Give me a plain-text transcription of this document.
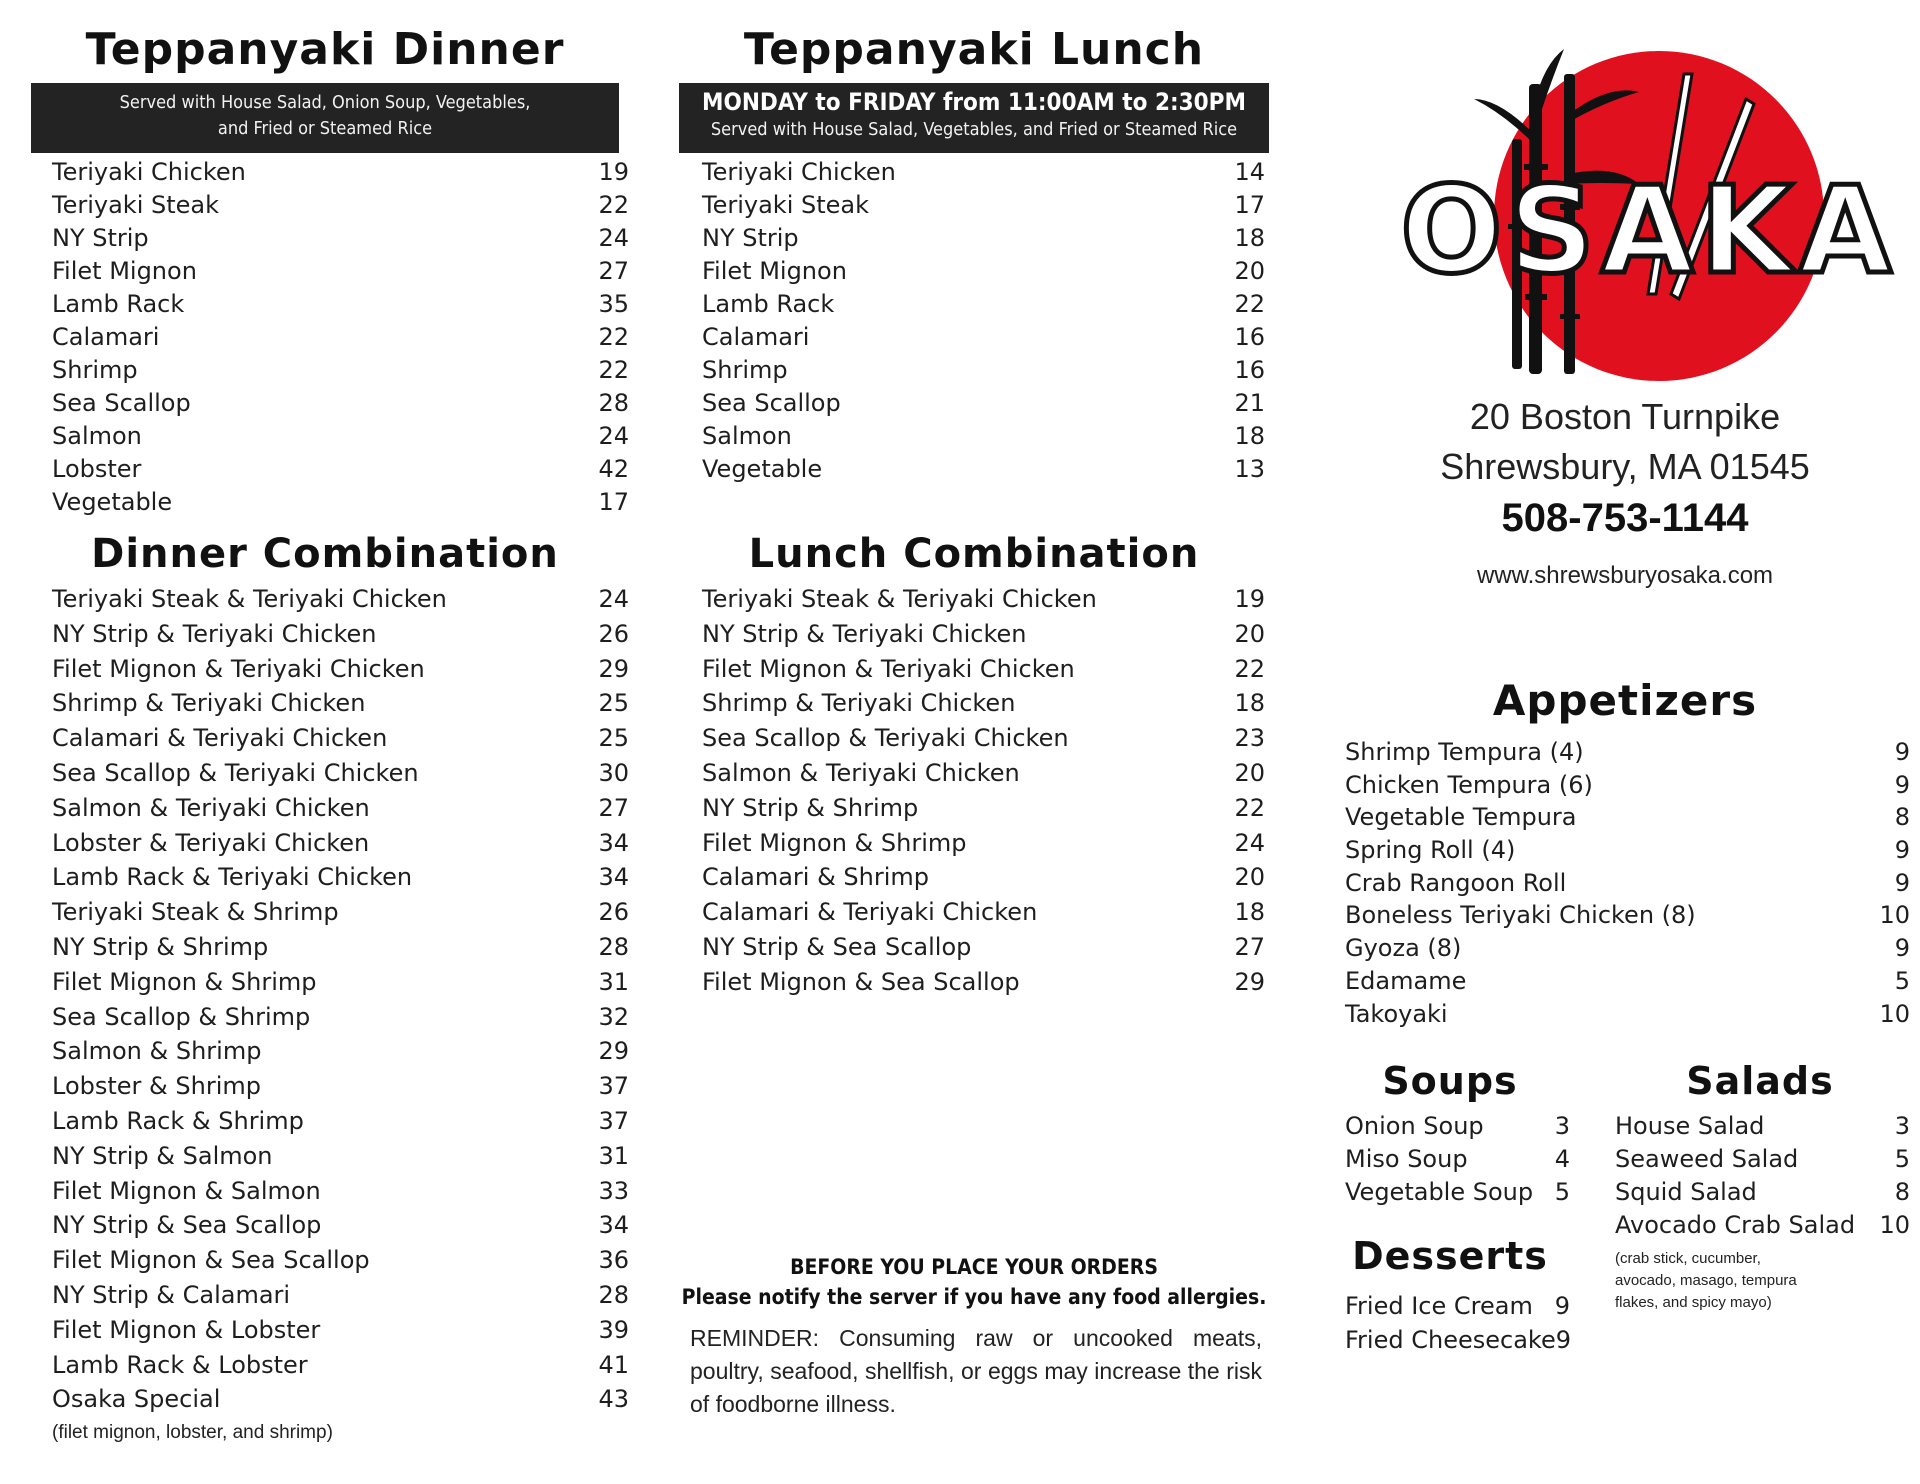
Teppanyaki Dinner
Served with House Salad, Onion Soup, Vegetables,
and Fried or Steamed Rice
Teriyaki Chicken	19
Teriyaki Steak	22
NY Strip	24
Filet Mignon	27
Lamb Rack	35
Calamari	22
Shrimp	22
Sea Scallop	28
Salmon	24
Lobster	42
Vegetable	17
Dinner Combination
Teriyaki Steak & Teriyaki Chicken	24
NY Strip & Teriyaki Chicken	26
Filet Mignon & Teriyaki Chicken	29
Shrimp & Teriyaki Chicken	25
Calamari & Teriyaki Chicken	25
Sea Scallop & Teriyaki Chicken	30
Salmon & Teriyaki Chicken	27
Lobster & Teriyaki Chicken	34
Lamb Rack & Teriyaki Chicken	34
Teriyaki Steak & Shrimp	26
NY Strip & Shrimp	28
Filet Mignon & Shrimp	31
Sea Scallop & Shrimp	32
Salmon & Shrimp	29
Lobster & Shrimp	37
Lamb Rack & Shrimp	37
NY Strip & Salmon	31
Filet Mignon & Salmon	33
NY Strip & Sea Scallop	34
Filet Mignon & Sea Scallop	36
NY Strip & Calamari	28
Filet Mignon & Lobster	39
Lamb Rack & Lobster	41
Osaka Special	43
(filet mignon, lobster, and shrimp)
Teppanyaki Lunch
MONDAY to FRIDAY from 11:00AM to 2:30PM
Served with House Salad, Vegetables, and Fried or Steamed Rice
Teriyaki Chicken	14
Teriyaki Steak	17
NY Strip	18
Filet Mignon	20
Lamb Rack	22
Calamari	16
Shrimp	16
Sea Scallop	21
Salmon	18
Vegetable	13
Lunch Combination
Teriyaki Steak & Teriyaki Chicken	19
NY Strip & Teriyaki Chicken	20
Filet Mignon & Teriyaki Chicken	22
Shrimp & Teriyaki Chicken	18
Sea Scallop & Teriyaki Chicken	23
Salmon & Teriyaki Chicken	20
NY Strip & Shrimp	22
Filet Mignon & Shrimp	24
Calamari & Shrimp	20
Calamari & Teriyaki Chicken	18
NY Strip & Sea Scallop	27
Filet Mignon & Sea Scallop	29
BEFORE YOU PLACE YOUR ORDERS
Please notify the server if you have any food allergies.
REMINDER: Consuming raw or uncooked meats, poultry, seafood, shellfish, or eggs may increase the risk of foodborne illness.
OSAKA
20 Boston Turnpike
Shrewsbury, MA 01545
508-753-1144
www.shrewsburyosaka.com
Appetizers
Shrimp Tempura (4)	9
Chicken Tempura (6)	9
Vegetable Tempura	8
Spring Roll (4)	9
Crab Rangoon Roll	9
Boneless Teriyaki Chicken (8)	10
Gyoza (8)	9
Edamame	5
Takoyaki	10
Soups
Onion Soup	3
Miso Soup	4
Vegetable Soup 5
Salads
House Salad	3
Seaweed Salad	5
Squid Salad	8
Avocado Crab Salad 10
(crab stick, cucumber, avocado, masago, tempura flakes, and spicy mayo)
Desserts
Fried Ice Cream 9
Fried Cheesecake 9
